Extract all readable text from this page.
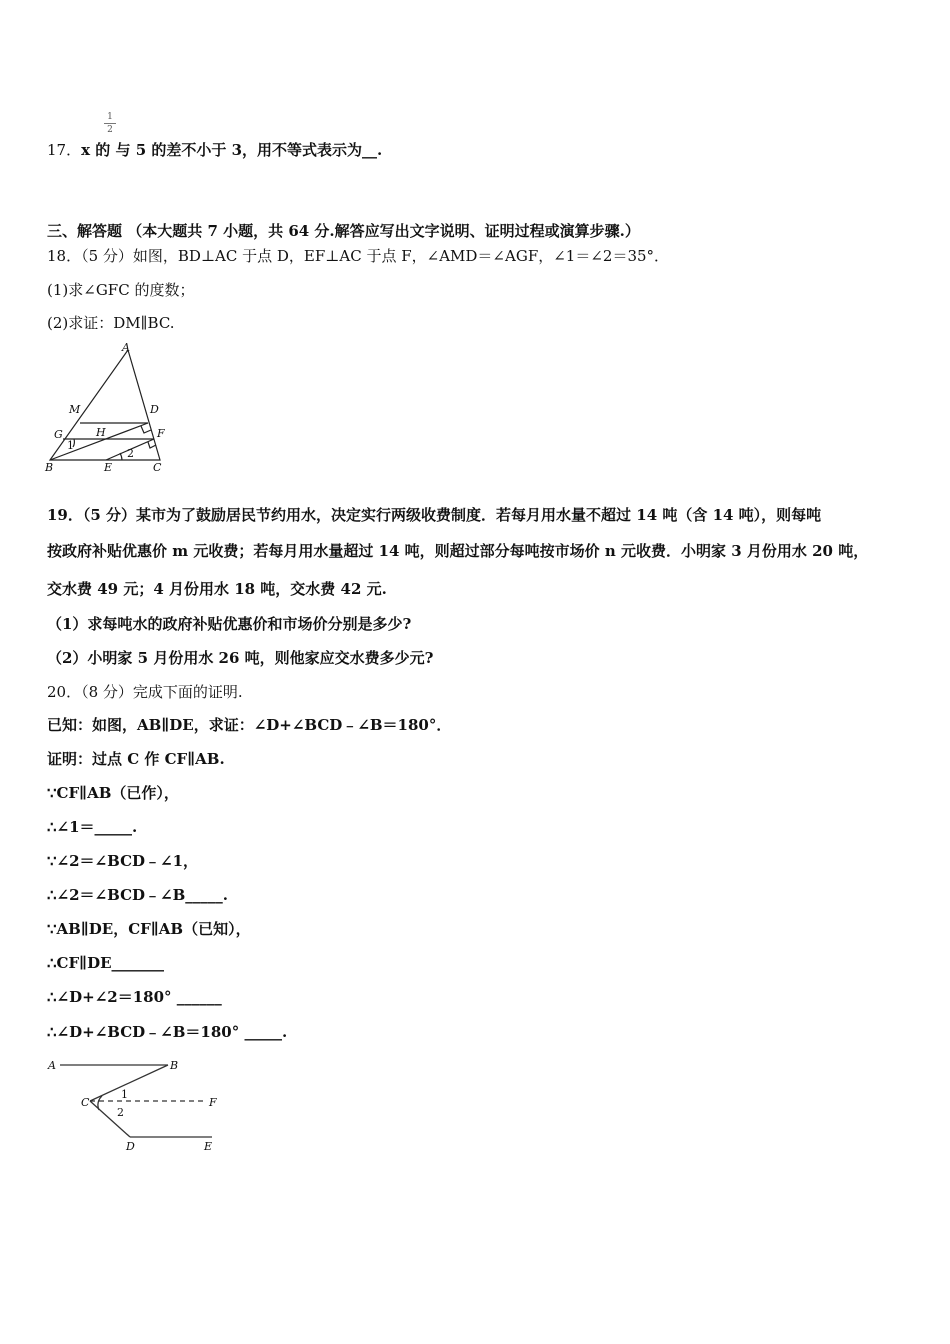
1
2
17．x 的 与 5 的差不小于 3，用不等式表示为__.
三、解答题 （本大题共 7 小题，共 64 分.解答应写出文字说明、证明过程或演算步骤.）
18．（5 分）如图，BD⊥AC 于点 D，EF⊥AC 于点 F，∠AMD＝∠AGF，∠1＝∠2＝35°．
(1)求∠GFC 的度数；
(2)求证：DM∥BC.
A
M	D
G	H	F
B	E	C
1
2
19．（5 分）某市为了鼓励居民节约用水，决定实行两级收费制度．若每月用水量不超过 14 吨（含 14 吨），则每吨
按政府补贴优惠价 m 元收费；若每月用水量超过 14 吨，则超过部分每吨按市场价 n 元收费．小明家 3 月份用水 20 吨，
交水费 49 元；4 月份用水 18 吨，交水费 42 元.
（1）求每吨水的政府补贴优惠价和市场价分别是多少?
（2）小明家 5 月份用水 26 吨，则他家应交水费多少元?
20．（8 分）完成下面的证明.
已知：如图，AB∥DE，求证：∠D+∠BCD﹣∠B＝180°．
证明：过点 C 作 CF∥AB.
∵CF∥AB（已作），
∴∠1＝_____.
∵∠2＝∠BCD﹣∠1，
∴∠2＝∠BCD﹣∠B_____.
∵AB∥DE，CF∥AB（已知），
∴CF∥DE_______
∴∠D+∠2＝180° ______
∴∠D+∠BCD﹣∠B＝180° _____.
A	B
C	F
D	E
1
2
